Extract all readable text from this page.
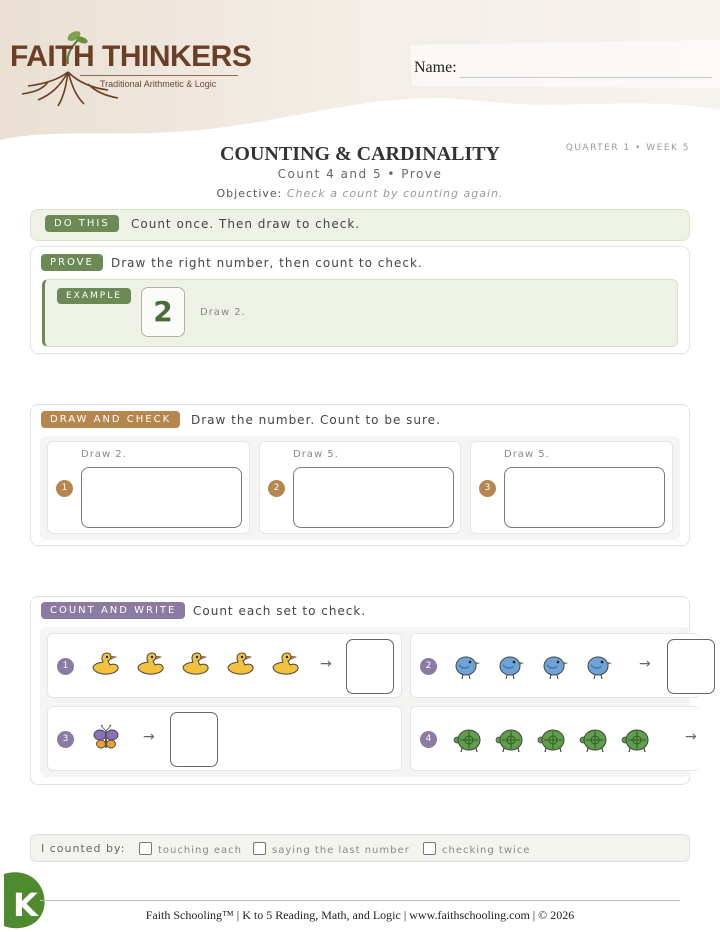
FAITH THINKERS
Traditional Arithmetic & Logic
Name:
COUNTING & CARDINALITY	QUARTER 1 • WEEK 5
Count 4 and 5 • Prove
Objective: Check a count by counting again.
DO THIS	Count once. Then draw to check.
PROVE	Draw the right number, then count to check.
EXAMPLE
Draw 2.
2
DRAW AND CHECK	Draw the number. Count to be sure.
Draw 2.
1
Draw 5.
2
Draw 5.
3
COUNT AND WRITE	Count each set to check.
1	→	2	→
3	→	4	→
I counted by:	touching each	saying the last number	checking twice
K	Faith Schooling™ | K to 5 Reading, Math, and Logic | www.faithschooling.com | © 2026
